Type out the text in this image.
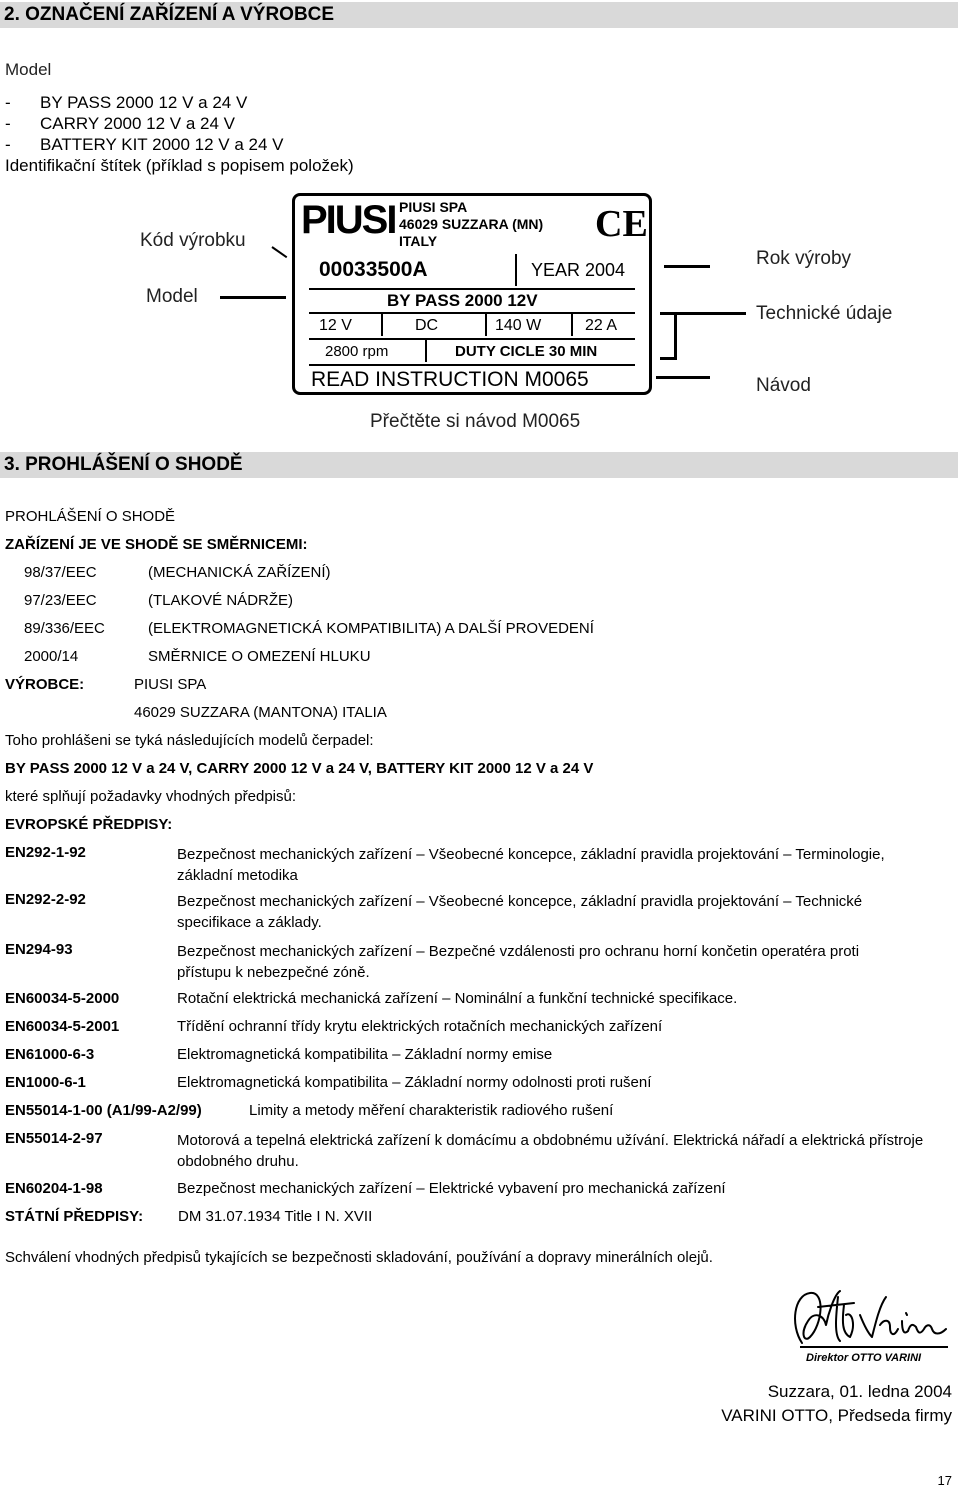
2. OZNAČENÍ ZAŘÍZENÍ A VÝROBCE
Model
- BY PASS 2000 12 V a 24 V
- CARRY 2000 12 V a 24 V
- BATTERY KIT 2000 12 V a 24 V
Identifikační štítek (příklad s popisem položek)
Kód výrobku
Model
Rok výroby
Technické údaje
Návod
Přečtěte si návod M0065
PIUSI PIUSI SPA
46029 SUZZARA (MN)
ITALY	CE
00033500A	YEAR 2004
BY PASS 2000 12V
12 V	DC	140 W	22 A
2800 rpm	DUTY CICLE 30 MIN
READ INSTRUCTION M0065
3. PROHLÁŠENÍ O SHODĚ
PROHLÁŠENÍ O SHODĚ
ZAŘÍZENÍ JE VE SHODĚ SE SMĚRNICEMI:
98/37/EEC	(MECHANICKÁ ZAŘÍZENÍ)
97/23/EEC	(TLAKOVÉ NÁDRŽE)
89/336/EEC	(ELEKTROMAGNETICKÁ KOMPATIBILITA) A DALŠÍ PROVEDENÍ
2000/14	SMĚRNICE O OMEZENÍ HLUKU
VÝROBCE:	PIUSI SPA
46029 SUZZARA (MANTONA) ITALIA
Toho prohlášeni se tyká následujících modelů čerpadel:
BY PASS 2000 12 V a 24 V, CARRY 2000 12 V a 24 V, BATTERY KIT 2000 12 V a 24 V
které splňují požadavky vhodných předpisů:
EVROPSKÉ PŘEDPISY:
EN292-1-92	Bezpečnost mechanických zařízení – Všeobecné koncepce, základní pravidla projektování – Terminologie, základní metodika
EN292-2-92	Bezpečnost mechanických zařízení – Všeobecné koncepce, základní pravidla projektování – Technické specifikace a základy.
EN294-93	Bezpečnost mechanických zařízení – Bezpečné vzdálenosti pro ochranu horní končetin operatéra proti přístupu k nebezpečné zóně.
EN60034-5-2000	Rotační elektrická mechanická zařízení – Nominální a funkční technické specifikace.
EN60034-5-2001	Třídění ochranní třídy krytu elektrických rotačních mechanických zařízení
EN61000-6-3	Elektromagnetická kompatibilita – Základní normy emise
EN1000-6-1	Elektromagnetická kompatibilita – Základní normy odolnosti proti rušení
EN55014-1-00 (A1/99-A2/99)	Limity a metody měření charakteristik radiového rušení
EN55014-2-97	Motorová a tepelná elektrická zařízení k domácímu a obdobnému užívání. Elektrická nářadí a elektrická přístroje obdobného druhu.
EN60204-1-98	Bezpečnost mechanických zařízení – Elektrické vybavení pro mechanická zařízení
STÁTNÍ PŘEDPISY: DM 31.07.1934 Title I N. XVII
Schválení vhodných předpisů tykajících se bezpečnosti skladování, používání a dopravy minerálních olejů.
Direktor OTTO VARINI
Suzzara, 01. ledna 2004
VARINI OTTO, Předseda firmy
17
